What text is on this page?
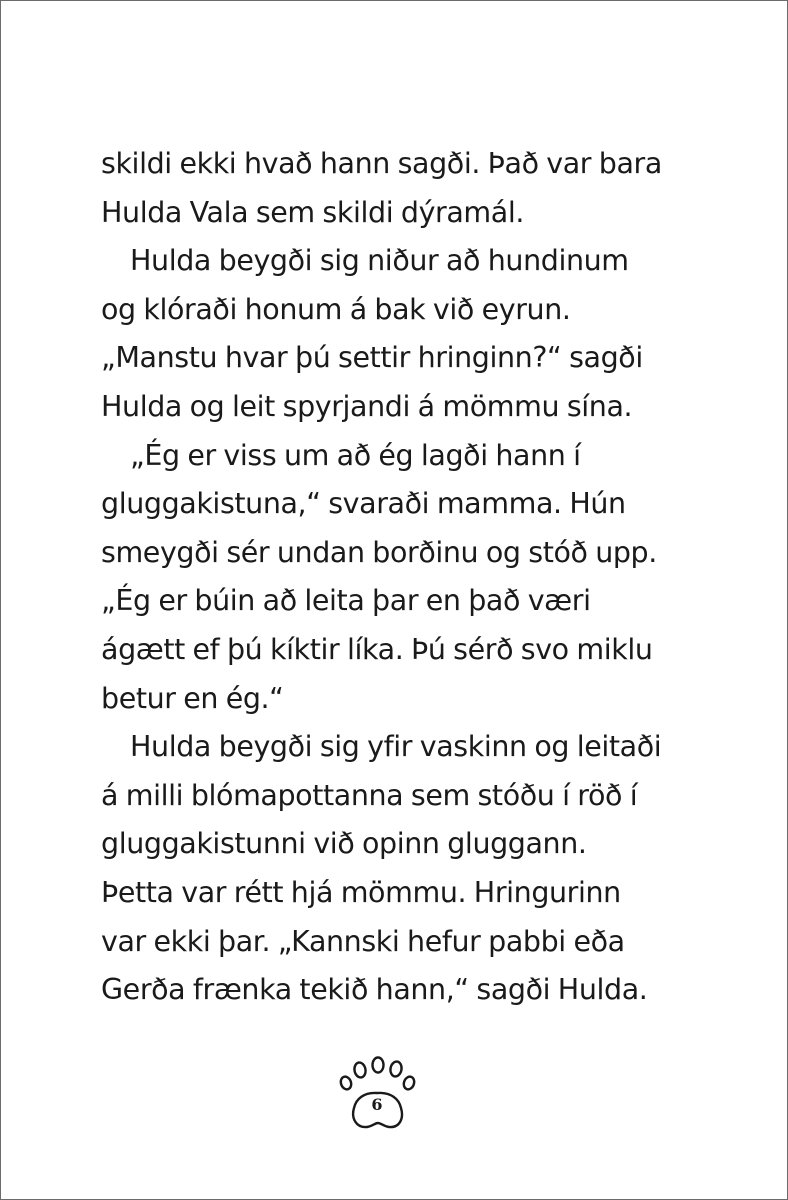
skildi ekki hvað hann sagði. Það var bara
Hulda Vala sem skildi dýramál.
Hulda beygði sig niður að hundinum
og klóraði honum á bak við eyrun.
„Manstu hvar þú settir hringinn?“ sagði
Hulda og leit spyrjandi á mömmu sína.
„Ég er viss um að ég lagði hann í
gluggakistuna,“ svaraði mamma. Hún
smeygði sér undan borðinu og stóð upp.
„Ég er búin að leita þar en það væri
ágætt ef þú kíktir líka. Þú sérð svo miklu
betur en ég.“
Hulda beygði sig yfir vaskinn og leitaði
á milli blómapottanna sem stóðu í röð í
gluggakistunni við opinn gluggann.
Þetta var rétt hjá mömmu. Hringurinn
var ekki þar. „Kannski hefur pabbi eða
Gerða frænka tekið hann,“ sagði Hulda.
6
